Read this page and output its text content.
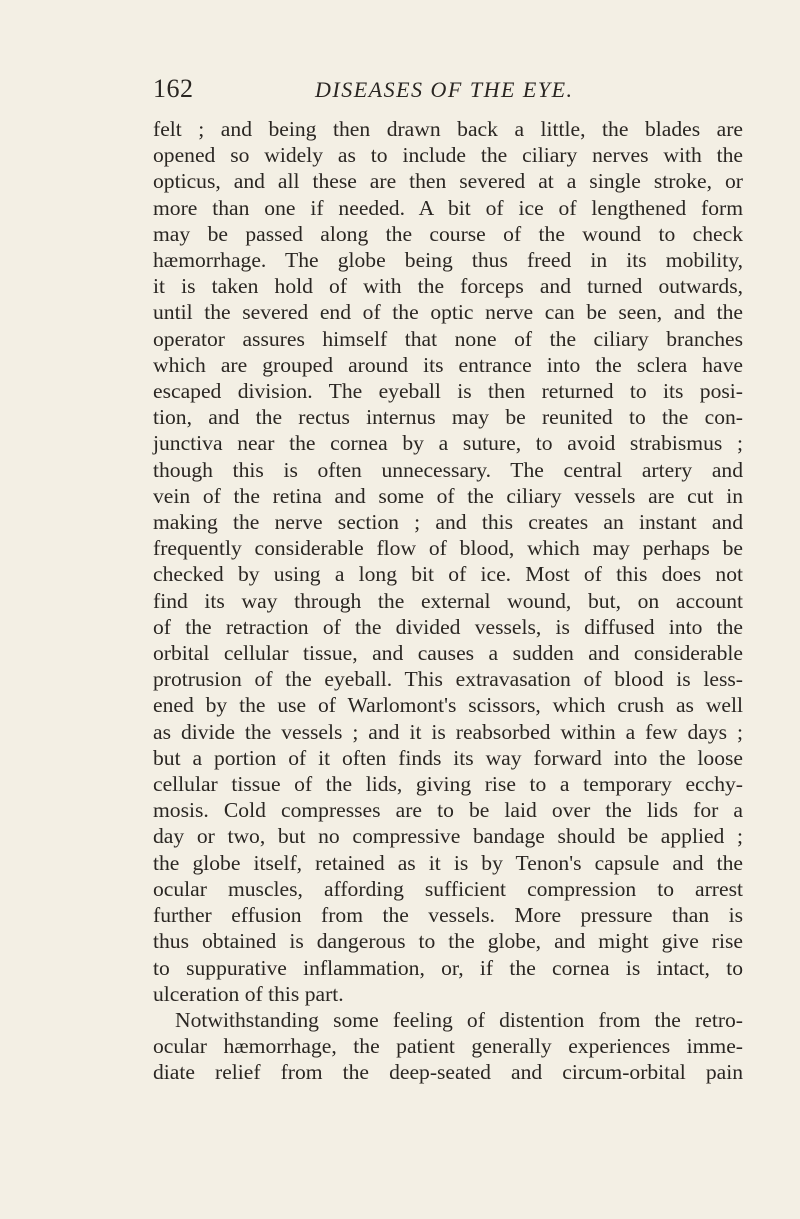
162	DISEASES OF THE EYE.
felt ; and being then drawn back a little, the blades are
opened so widely as to include the ciliary nerves with the
opticus, and all these are then severed at a single stroke, or
more than one if needed. A bit of ice of lengthened form
may be passed along the course of the wound to check
hæmorrhage. The globe being thus freed in its mobility,
it is taken hold of with the forceps and turned outwards,
until the severed end of the optic nerve can be seen, and the
operator assures himself that none of the ciliary branches
which are grouped around its entrance into the sclera have
escaped division. The eyeball is then returned to its posi-
tion, and the rectus internus may be reunited to the con-
junctiva near the cornea by a suture, to avoid strabismus ;
though this is often unnecessary. The central artery and
vein of the retina and some of the ciliary vessels are cut in
making the nerve section ; and this creates an instant and
frequently considerable flow of blood, which may perhaps be
checked by using a long bit of ice. Most of this does not
find its way through the external wound, but, on account
of the retraction of the divided vessels, is diffused into the
orbital cellular tissue, and causes a sudden and considerable
protrusion of the eyeball. This extravasation of blood is less-
ened by the use of Warlomont's scissors, which crush as well
as divide the vessels ; and it is reabsorbed within a few days ;
but a portion of it often finds its way forward into the loose
cellular tissue of the lids, giving rise to a temporary ecchy-
mosis. Cold compresses are to be laid over the lids for a
day or two, but no compressive bandage should be applied ;
the globe itself, retained as it is by Tenon's capsule and the
ocular muscles, affording sufficient compression to arrest
further effusion from the vessels. More pressure than is
thus obtained is dangerous to the globe, and might give rise
to suppurative inflammation, or, if the cornea is intact, to
ulceration of this part.
Notwithstanding some feeling of distention from the retro-
ocular hæmorrhage, the patient generally experiences imme-
diate relief from the deep-seated and circum-orbital pain
